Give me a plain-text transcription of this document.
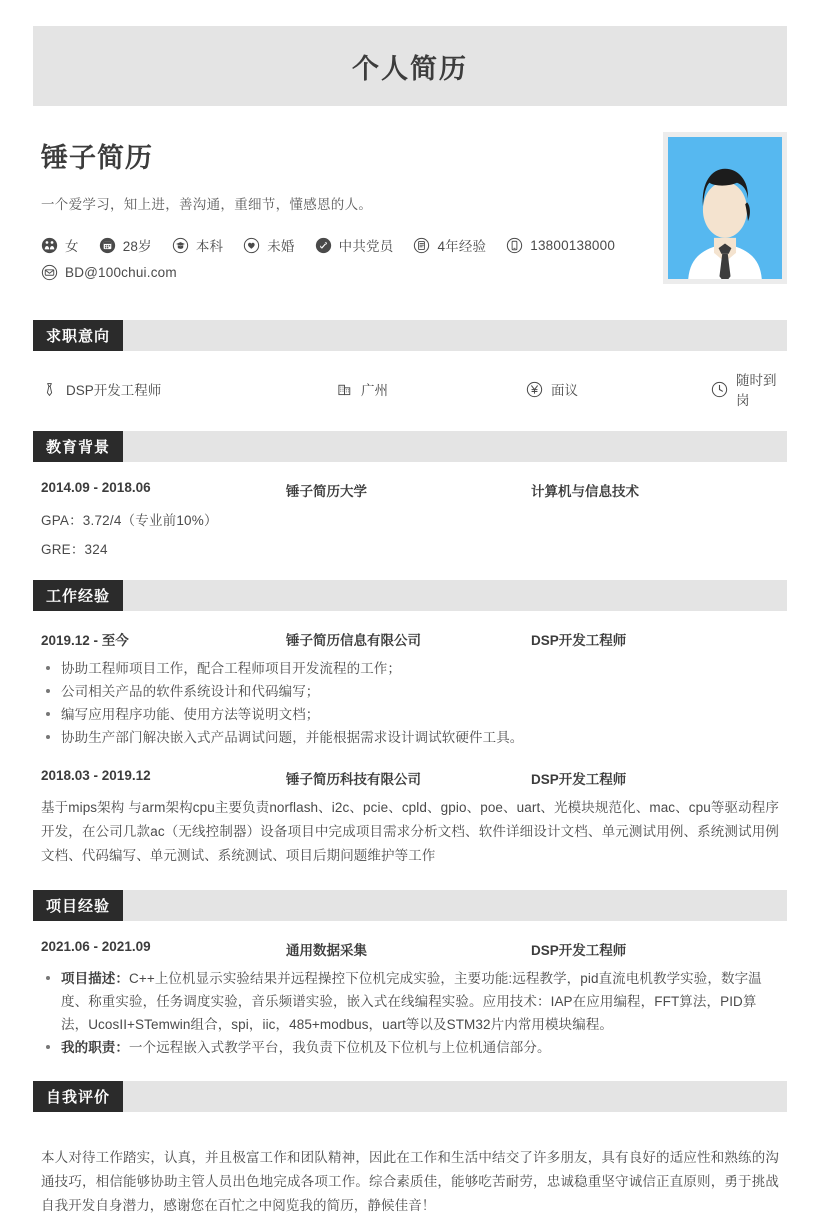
个人简历
锤子简历
一个爱学习，知上进，善沟通，重细节，懂感恩的人。
女	28岁	本科	未婚	中共党员	4年经验	13800138000
BD@100chui.com
求职意向
DSP开发工程师	广州	面议
随时到岗
教育背景
2014.09 - 2018.06	锤子简历大学	计算机与信息技术
GPA：3.72/4（专业前10%）
GRE：324
工作经验
2019.12 - 至今	锤子简历信息有限公司	DSP开发工程师
协助工程师项目工作，配合工程师项目开发流程的工作；
公司相关产品的软件系统设计和代码编写；
编写应用程序功能、使用方法等说明文档；
协助生产部门解决嵌入式产品调试问题，并能根据需求设计调试软硬件工具。
2018.03 - 2019.12	锤子简历科技有限公司	DSP开发工程师
基于mips架构 与arm架构cpu主要负责norflash、i2c、pcie、cpld、gpio、poe、uart、光模块规范化、mac、cpu等驱动程序开发，在公司几款ac（无线控制器）设备项目中完成项目需求分析文档、软件详细设计文档、单元测试用例、系统测试用例文档、代码编写、单元测试、系统测试、项目后期问题维护等工作
项目经验
2021.06 - 2021.09	通用数据采集	DSP开发工程师
项目描述：C++上位机显示实验结果并远程操控下位机完成实验，主要功能:远程教学，pid直流电机教学实验，数字温度、称重实验，任务调度实验，音乐频谱实验，嵌入式在线编程实验。应用技术：IAP在应用编程，FFT算法，PID算法，UcosII+STemwin组合，spi，iic，485+modbus，uart等以及STM32片内常用模块编程。
我的职责：一个远程嵌入式教学平台，我负责下位机及下位机与上位机通信部分。
自我评价
本人对待工作踏实，认真，并且极富工作和团队精神，因此在工作和生活中结交了许多朋友，具有良好的适应性和熟练的沟通技巧，相信能够协助主管人员出色地完成各项工作。综合素质佳，能够吃苦耐劳，忠诚稳重坚守诚信正直原则，勇于挑战自我开发自身潜力，感谢您在百忙之中阅览我的简历，静候佳音！
